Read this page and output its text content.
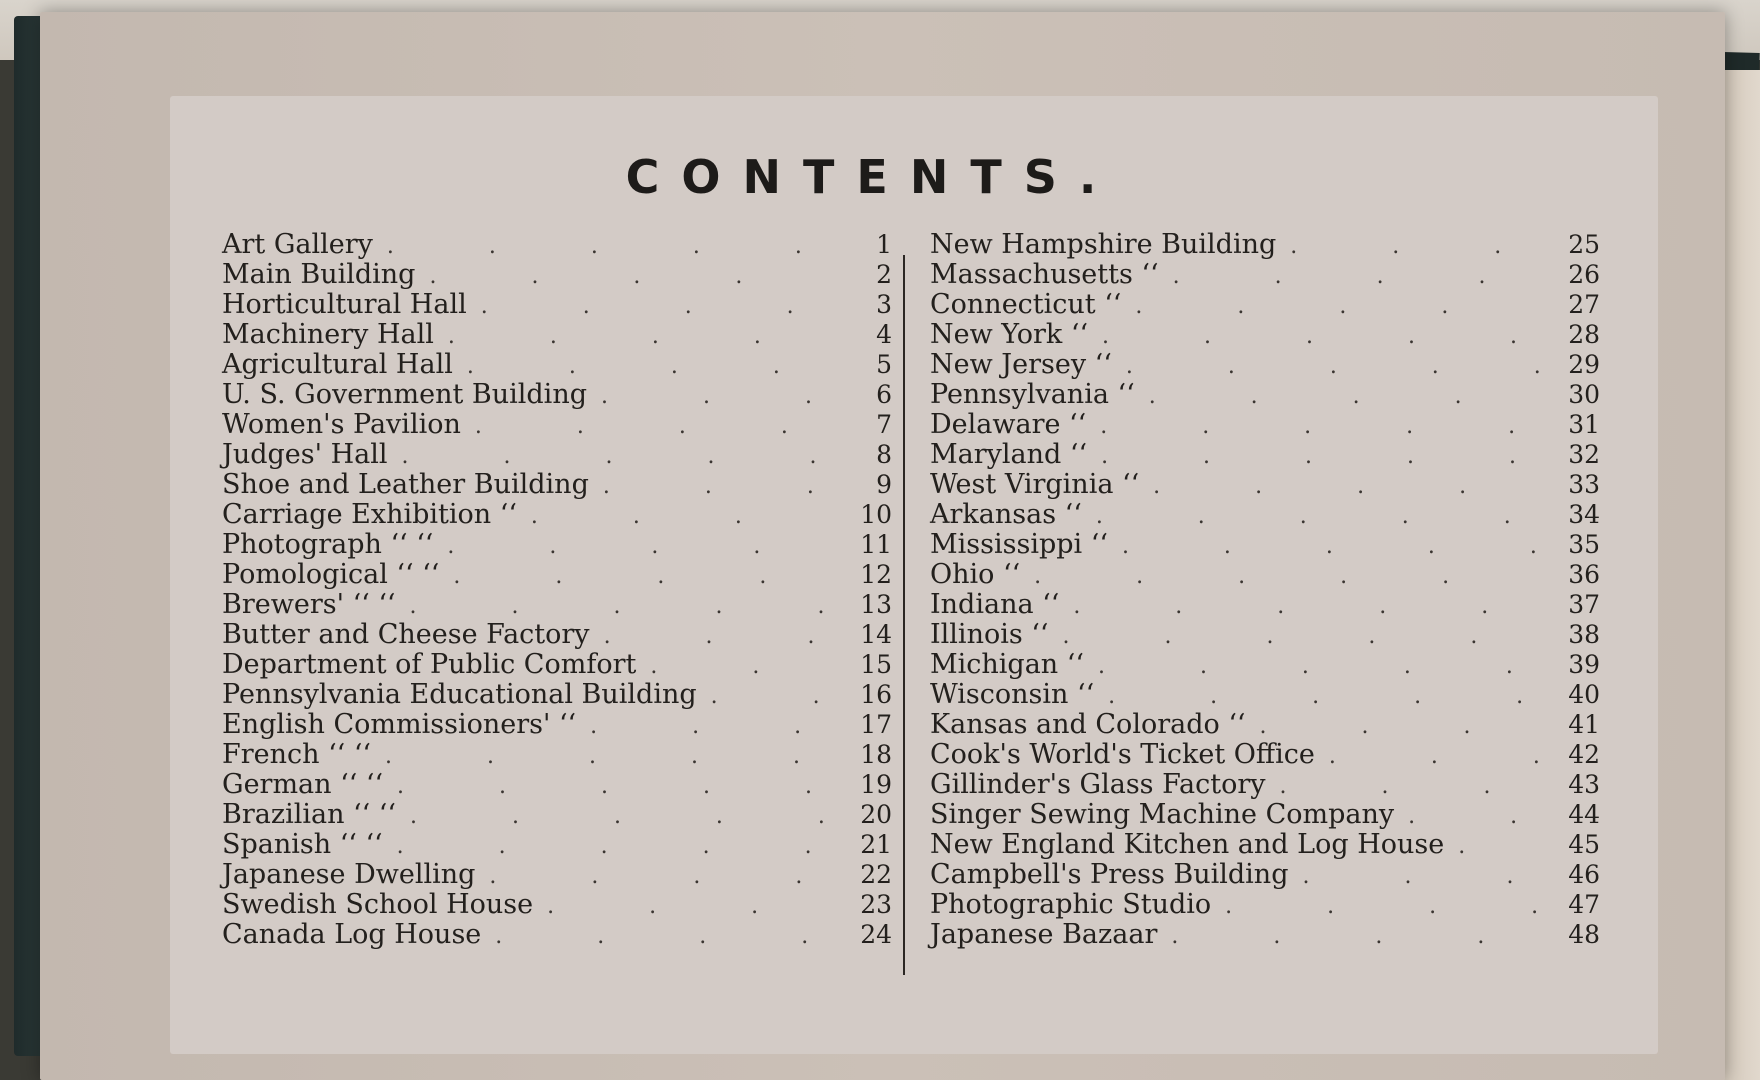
CONTENTS.
Art Gallery . . .	1
Main Building . . .	2
Horticultural Hall . . .	3
Machinery Hall . . .	4
Agricultural Hall . . .	5
U. S. Government Building . . .	6
Women's Pavilion . . .	7
Judges' Hall . . .	8
Shoe and Leather Building . . .	9
Carriage Exhibition ‘‘ . . .	10
Photograph ‘‘ ‘‘ . . .	11
Pomological ‘‘ ‘‘ . . .	12
Brewers' ‘‘ ‘‘ . . .	13
Butter and Cheese Factory . . .	14
Department of Public Comfort . . .	15
Pennsylvania Educational Building . . .	16
English Commissioners' ‘‘ . . .	17
French ‘‘ ‘‘ . . .	18
German ‘‘ ‘‘ . . .	19
Brazilian ‘‘ ‘‘ . . .	20
Spanish ‘‘ ‘‘ . . .	21
Japanese Dwelling . . .	22
Swedish School House . . .	23
Canada Log House . . .	24
New Hampshire Building . . .	25
Massachusetts ‘‘ . . .	26
Connecticut ‘‘ . . .	27
New York ‘‘ . . .	28
New Jersey ‘‘ . . .	29
Pennsylvania ‘‘ . . .	30
Delaware ‘‘ . . .	31
Maryland ‘‘ . . .	32
West Virginia ‘‘ . . .	33
Arkansas ‘‘ . . .	34
Mississippi ‘‘ . . .	35
Ohio ‘‘ . . .	36
Indiana ‘‘ . . .	37
Illinois ‘‘ . . .	38
Michigan ‘‘ . . .	39
Wisconsin ‘‘ . . .	40
Kansas and Colorado ‘‘ . . .	41
Cook's World's Ticket Office . . .	42
Gillinder's Glass Factory . . .	43
Singer Sewing Machine Company . . .	44
New England Kitchen and Log House . . .	45
Campbell's Press Building . . .	46
Photographic Studio . . .	47
Japanese Bazaar . . .	48
